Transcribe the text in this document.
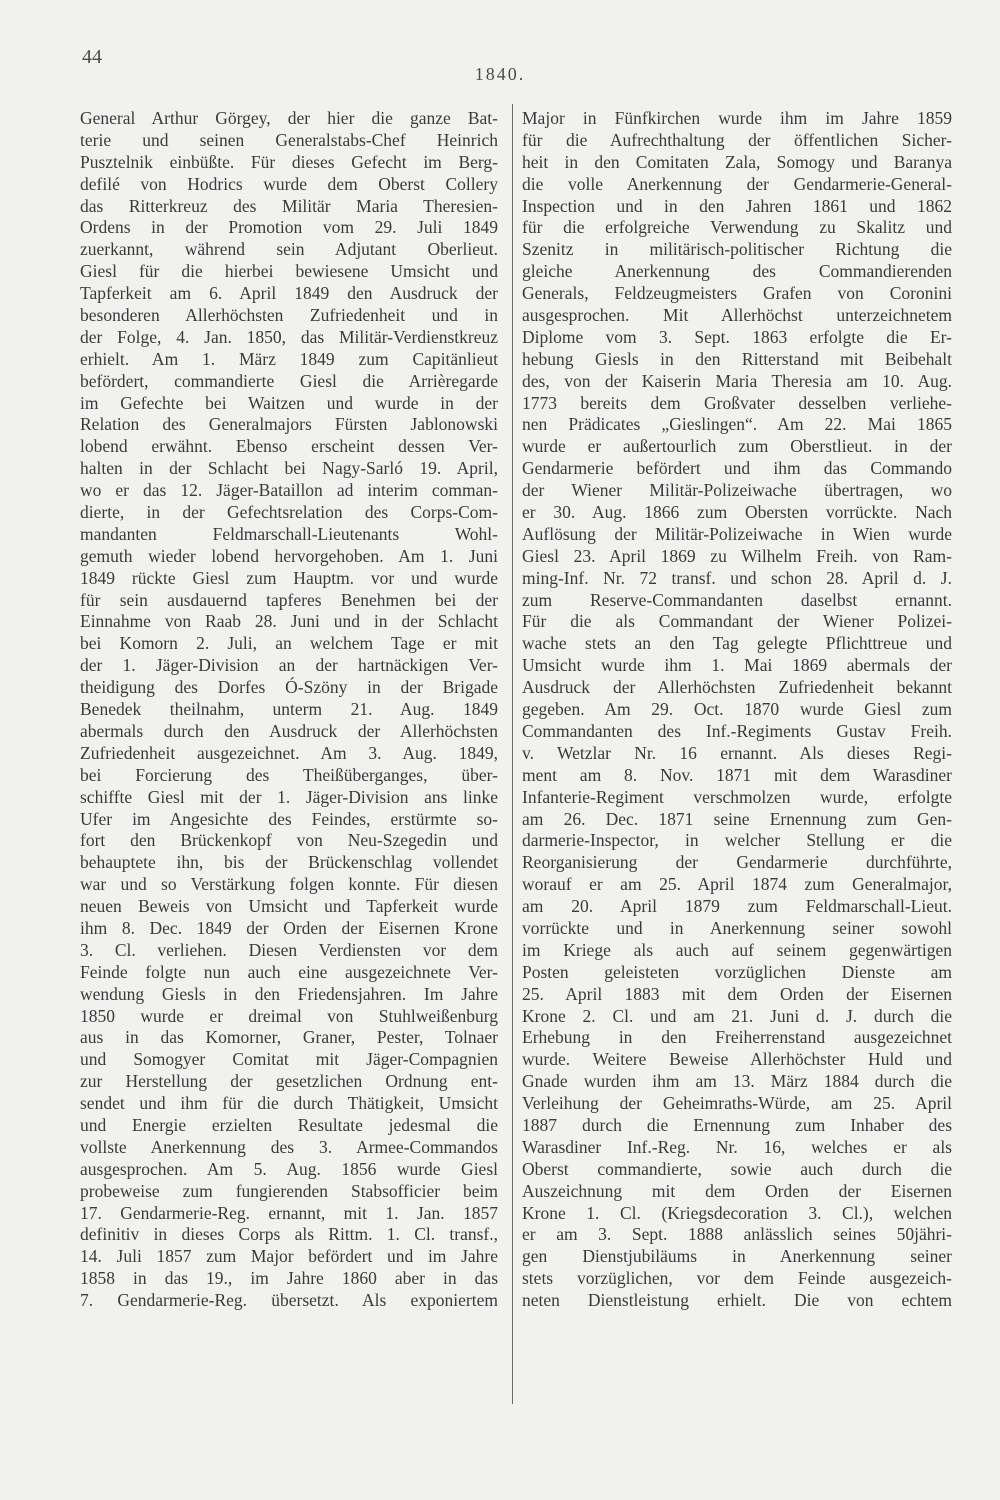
44
1840.
General Arthur Görgey, der hier die ganze Bat-
terie und seinen Generalstabs-Chef Heinrich
Pusztelnik einbüßte. Für dieses Gefecht im Berg-
defilé von Hodrics wurde dem Oberst Collery
das Ritterkreuz des Militär Maria Theresien-
Ordens in der Promotion vom 29. Juli 1849
zuerkannt, während sein Adjutant Oberlieut.
Giesl für die hierbei bewiesene Umsicht und
Tapferkeit am 6. April 1849 den Ausdruck der
besonderen Allerhöchsten Zufriedenheit und in
der Folge, 4. Jan. 1850, das Militär-Verdienstkreuz
erhielt. Am 1. März 1849 zum Capitänlieut
befördert, commandierte Giesl die Arrièregarde
im Gefechte bei Waitzen und wurde in der
Relation des Generalmajors Fürsten Jablonowski
lobend erwähnt. Ebenso erscheint dessen Ver-
halten in der Schlacht bei Nagy-Sarló 19. April,
wo er das 12. Jäger-Bataillon ad interim comman-
dierte, in der Gefechtsrelation des Corps-Com-
mandanten Feldmarschall-Lieutenants Wohl-
gemuth wieder lobend hervorgehoben. Am 1. Juni
1849 rückte Giesl zum Hauptm. vor und wurde
für sein ausdauernd tapferes Benehmen bei der
Einnahme von Raab 28. Juni und in der Schlacht
bei Komorn 2. Juli, an welchem Tage er mit
der 1. Jäger-Division an der hartnäckigen Ver-
theidigung des Dorfes Ó-Szöny in der Brigade
Benedek theilnahm, unterm 21. Aug. 1849
abermals durch den Ausdruck der Allerhöchsten
Zufriedenheit ausgezeichnet. Am 3. Aug. 1849,
bei Forcierung des Theißüberganges, über-
schiffte Giesl mit der 1. Jäger-Division ans linke
Ufer im Angesichte des Feindes, erstürmte so-
fort den Brückenkopf von Neu-Szegedin und
behauptete ihn, bis der Brückenschlag vollendet
war und so Verstärkung folgen konnte. Für diesen
neuen Beweis von Umsicht und Tapferkeit wurde
ihm 8. Dec. 1849 der Orden der Eisernen Krone
3. Cl. verliehen. Diesen Verdiensten vor dem
Feinde folgte nun auch eine ausgezeichnete Ver-
wendung Giesls in den Friedensjahren. Im Jahre
1850 wurde er dreimal von Stuhlweißenburg
aus in das Komorner, Graner, Pester, Tolnaer
und Somogyer Comitat mit Jäger-Compagnien
zur Herstellung der gesetzlichen Ordnung ent-
sendet und ihm für die durch Thätigkeit, Umsicht
und Energie erzielten Resultate jedesmal die
vollste Anerkennung des 3. Armee-Commandos
ausgesprochen. Am 5. Aug. 1856 wurde Giesl
probeweise zum fungierenden Stabsofficier beim
17. Gendarmerie-Reg. ernannt, mit 1. Jan. 1857
definitiv in dieses Corps als Rittm. 1. Cl. transf.,
14. Juli 1857 zum Major befördert und im Jahre
1858 in das 19., im Jahre 1860 aber in das
7. Gendarmerie-Reg. übersetzt. Als exponiertem
Major in Fünfkirchen wurde ihm im Jahre 1859
für die Aufrechthaltung der öffentlichen Sicher-
heit in den Comitaten Zala, Somogy und Baranya
die volle Anerkennung der Gendarmerie-General-
Inspection und in den Jahren 1861 und 1862
für die erfolgreiche Verwendung zu Skalitz und
Szenitz in militärisch-politischer Richtung die
gleiche Anerkennung des Commandierenden
Generals, Feldzeugmeisters Grafen von Coronini
ausgesprochen. Mit Allerhöchst unterzeichnetem
Diplome vom 3. Sept. 1863 erfolgte die Er-
hebung Giesls in den Ritterstand mit Beibehalt
des, von der Kaiserin Maria Theresia am 10. Aug.
1773 bereits dem Großvater desselben verliehe-
nen Prädicates „Gieslingen“. Am 22. Mai 1865
wurde er außertourlich zum Oberstlieut. in der
Gendarmerie befördert und ihm das Commando
der Wiener Militär-Polizeiwache übertragen, wo
er 30. Aug. 1866 zum Obersten vorrückte. Nach
Auflösung der Militär-Polizeiwache in Wien wurde
Giesl 23. April 1869 zu Wilhelm Freih. von Ram-
ming-Inf. Nr. 72 transf. und schon 28. April d. J.
zum Reserve-Commandanten daselbst ernannt.
Für die als Commandant der Wiener Polizei-
wache stets an den Tag gelegte Pflichttreue und
Umsicht wurde ihm 1. Mai 1869 abermals der
Ausdruck der Allerhöchsten Zufriedenheit bekannt
gegeben. Am 29. Oct. 1870 wurde Giesl zum
Commandanten des Inf.-Regiments Gustav Freih.
v. Wetzlar Nr. 16 ernannt. Als dieses Regi-
ment am 8. Nov. 1871 mit dem Warasdiner
Infanterie-Regiment verschmolzen wurde, erfolgte
am 26. Dec. 1871 seine Ernennung zum Gen-
darmerie-Inspector, in welcher Stellung er die
Reorganisierung der Gendarmerie durchführte,
worauf er am 25. April 1874 zum Generalmajor,
am 20. April 1879 zum Feldmarschall-Lieut.
vorrückte und in Anerkennung seiner sowohl
im Kriege als auch auf seinem gegenwärtigen
Posten geleisteten vorzüglichen Dienste am
25. April 1883 mit dem Orden der Eisernen
Krone 2. Cl. und am 21. Juni d. J. durch die
Erhebung in den Freiherrenstand ausgezeichnet
wurde. Weitere Beweise Allerhöchster Huld und
Gnade wurden ihm am 13. März 1884 durch die
Verleihung der Geheimraths-Würde, am 25. April
1887 durch die Ernennung zum Inhaber des
Warasdiner Inf.-Reg. Nr. 16, welches er als
Oberst commandierte, sowie auch durch die
Auszeichnung mit dem Orden der Eisernen
Krone 1. Cl. (Kriegsdecoration 3. Cl.), welchen
er am 3. Sept. 1888 anlässlich seines 50jähri-
gen Dienstjubiläums in Anerkennung seiner
stets vorzüglichen, vor dem Feinde ausgezeich-
neten Dienstleistung erhielt. Die von echtem
